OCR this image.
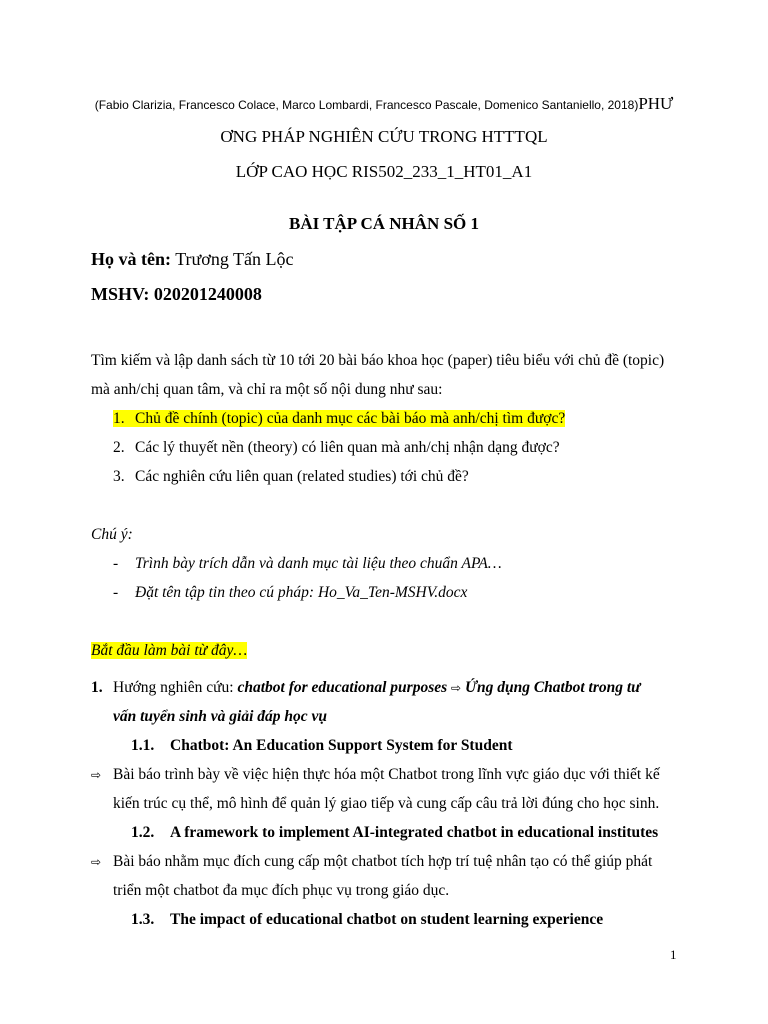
(Fabio Clarizia, Francesco Colace, Marco Lombardi, Francesco Pascale, Domenico Santaniello, 2018)PHƯ
ƠNG PHÁP NGHIÊN CỨU TRONG HTTTQL
LỚP CAO HỌC RIS502_233_1_HT01_A1
BÀI TẬP CÁ NHÂN SỐ 1
Họ và tên: Trương Tấn Lộc
MSHV: 020201240008
Tìm kiếm và lập danh sách từ 10 tới 20 bài báo khoa học (paper) tiêu biểu với chủ đề (topic)
mà anh/chị quan tâm, và chỉ ra một số nội dung như sau:
1. Chủ đề chính (topic) của danh mục các bài báo mà anh/chị tìm được?
2. Các lý thuyết nền (theory) có liên quan mà anh/chị nhận dạng được?
3. Các nghiên cứu liên quan (related studies) tới chủ đề?
Chú ý:
- Trình bày trích dẫn và danh mục tài liệu theo chuẩn APA…
- Đặt tên tập tin theo cú pháp: Ho_Va_Ten-MSHV.docx
Bắt đầu làm bài từ đây…
1. Hướng nghiên cứu: chatbot for educational purposes ⇨ Ứng dụng Chatbot trong tư
vấn tuyển sinh và giải đáp học vụ
1.1. Chatbot: An Education Support System for Student
⇨ Bài báo trình bày về việc hiện thực hóa một Chatbot trong lĩnh vực giáo dục với thiết kế
kiến trúc cụ thể, mô hình để quản lý giao tiếp và cung cấp câu trả lời đúng cho học sinh.
1.2. A framework to implement AI-integrated chatbot in educational institutes
⇨ Bài báo nhằm mục đích cung cấp một chatbot tích hợp trí tuệ nhân tạo có thể giúp phát
triển một chatbot đa mục đích phục vụ trong giáo dục.
1.3. The impact of educational chatbot on student learning experience
1
